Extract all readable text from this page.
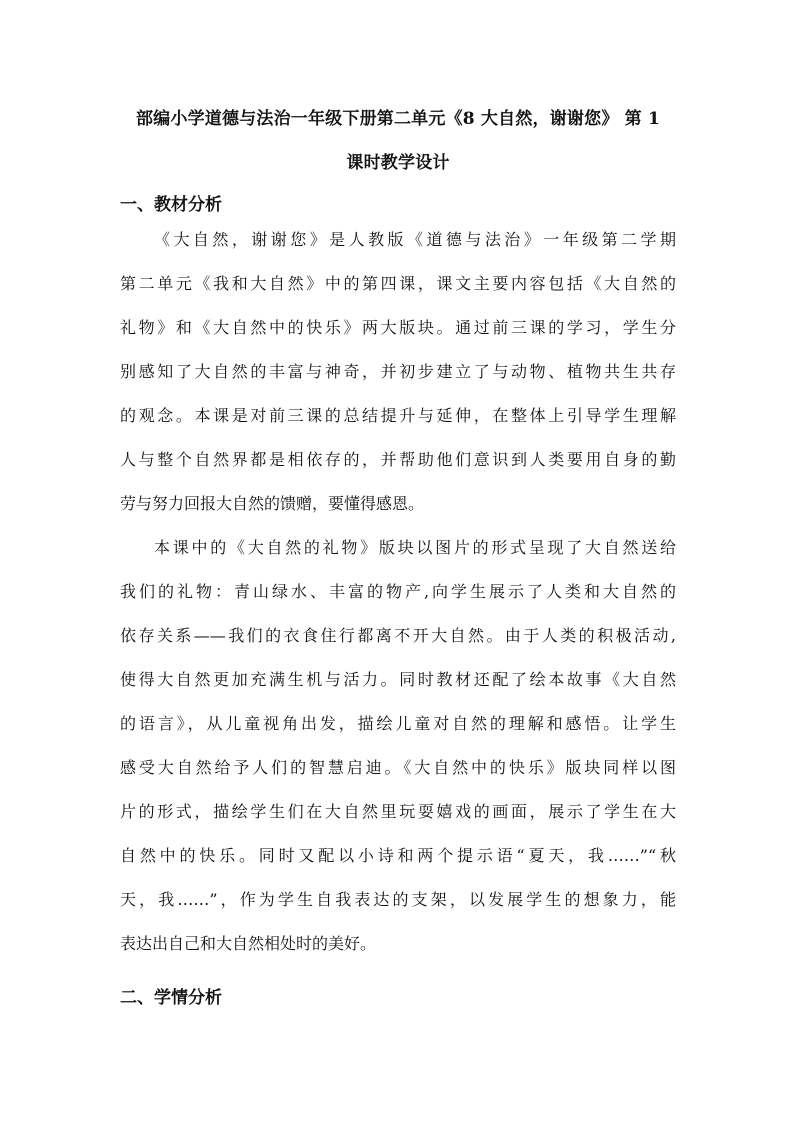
部编小学道德与法治一年级下册第二单元《8 大自然，谢谢您》 第 1
课时教学设计
一、教材分析
《大自然，谢谢您》是人教版《道德与法治》一年级第二学期
第二单元《我和大自然》中的第四课，课文主要内容包括《大自然的
礼物》和《大自然中的快乐》两大版块。通过前三课的学习，学生分
别感知了大自然的丰富与神奇，并初步建立了与动物、植物共生共存
的观念。本课是对前三课的总结提升与延伸，在整体上引导学生理解
人与整个自然界都是相依存的，并帮助他们意识到人类要用自身的勤
劳与努力回报大自然的馈赠，要懂得感恩。
本课中的《大自然的礼物》版块以图片的形式呈现了大自然送给
我们的礼物：青山绿水、丰富的物产,向学生展示了人类和大自然的
依存关系——我们的衣食住行都离不开大自然。由于人类的积极活动,
使得大自然更加充满生机与活力。同时教材还配了绘本故事《大自然
的语言》，从儿童视角出发，描绘儿童对自然的理解和感悟。让学生
感受大自然给予人们的智慧启迪。《大自然中的快乐》版块同样以图
片的形式，描绘学生们在大自然里玩耍嬉戏的画面，展示了学生在大
自然中的快乐。同时又配以小诗和两个提示语“夏天，我……”“秋
天，我……”，作为学生自我表达的支架，以发展学生的想象力，能
表达出自己和大自然相处时的美好。
二、学情分析
